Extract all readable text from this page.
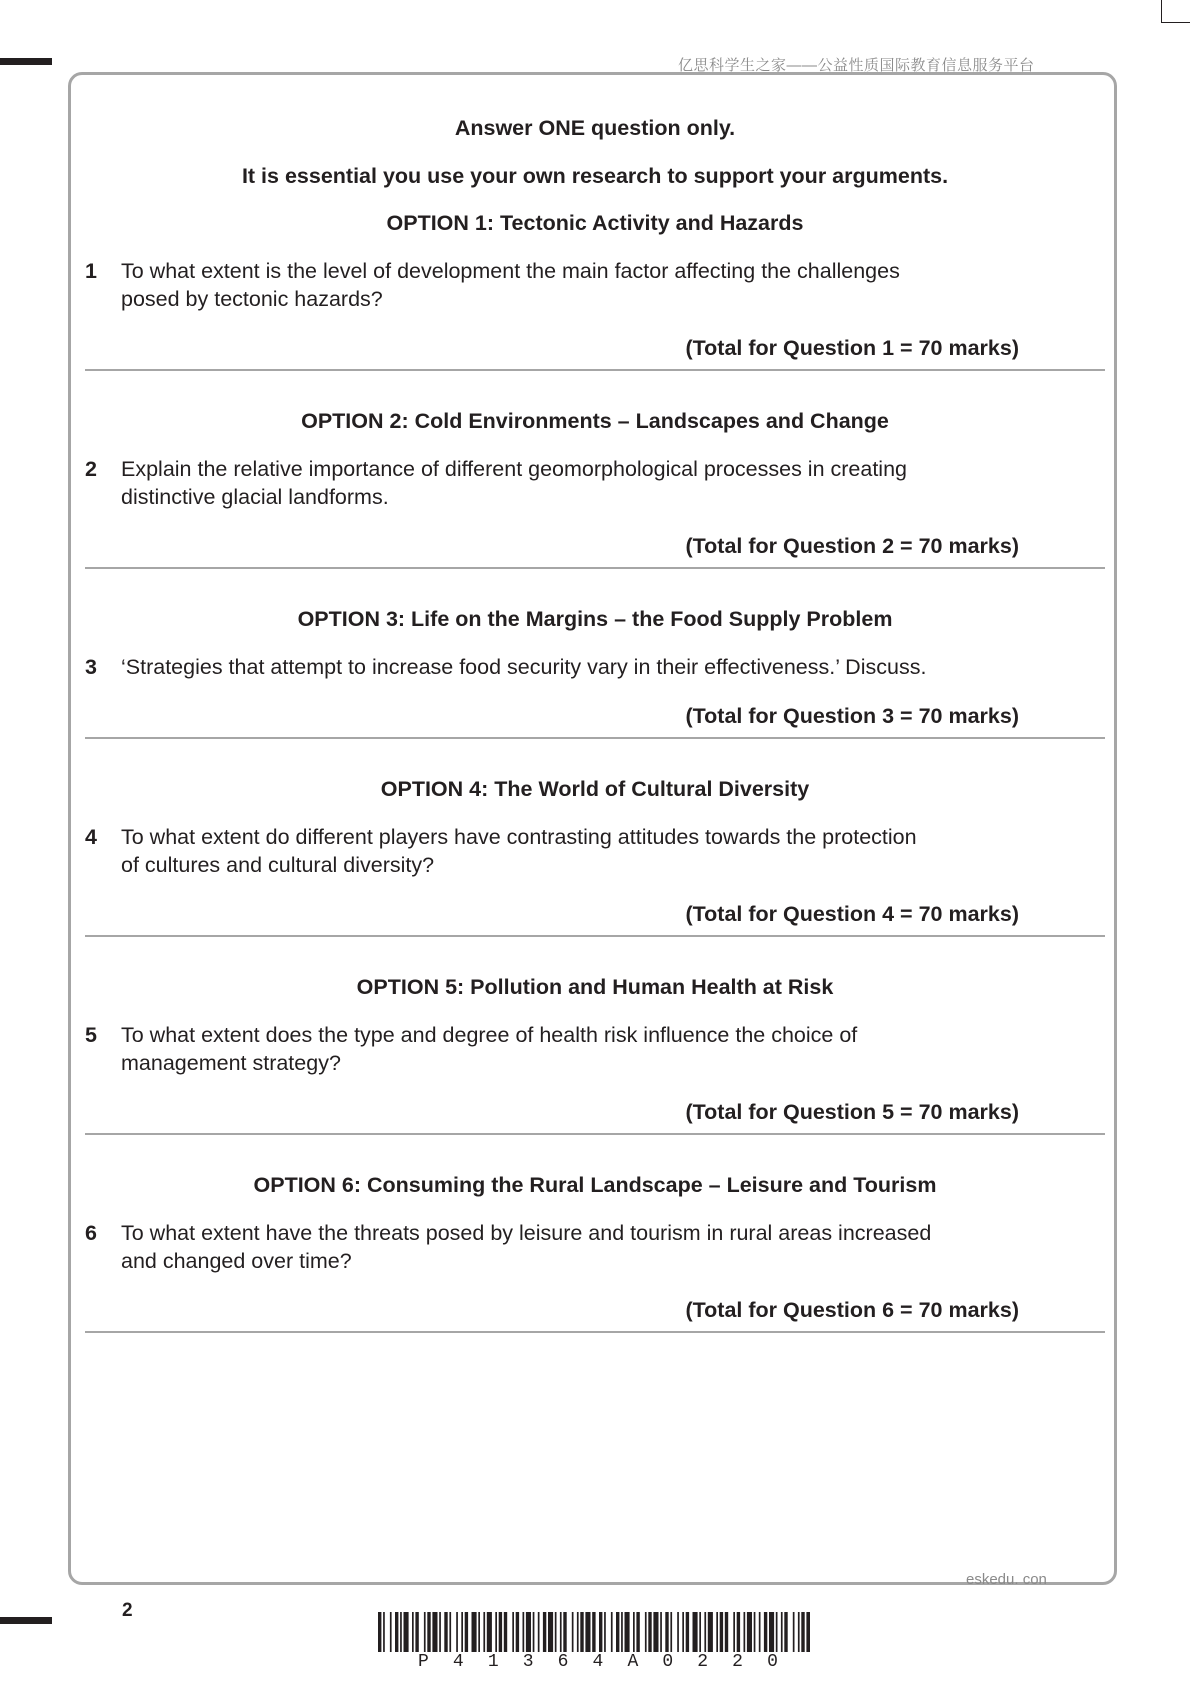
亿思科学生之家——公益性质国际教育信息服务平台
Answer ONE question only.
It is essential you use your own research to support your arguments.
OPTION 1: Tectonic Activity and Hazards
1	To what extent is the level of development the main factor affecting the challenges
posed by tectonic hazards?
(Total for Question 1 = 70 marks)
OPTION 2: Cold Environments – Landscapes and Change
2	Explain the relative importance of different geomorphological processes in creating
distinctive glacial landforms.
(Total for Question 2 = 70 marks)
OPTION 3: Life on the Margins – the Food Supply Problem
3	‘Strategies that attempt to increase food security vary in their effectiveness.’ Discuss.
(Total for Question 3 = 70 marks)
OPTION 4: The World of Cultural Diversity
4	To what extent do different players have contrasting attitudes towards the protection
of cultures and cultural diversity?
(Total for Question 4 = 70 marks)
OPTION 5: Pollution and Human Health at Risk
5	To what extent does the type and degree of health risk influence the choice of
management strategy?
(Total for Question 5 = 70 marks)
OPTION 6: Consuming the Rural Landscape – Leisure and Tourism
6	To what extent have the threats posed by leisure and tourism in rural areas increased
and changed over time?
(Total for Question 6 = 70 marks)
eskedu. con
2
P 4 1 3 6 4 A 0 2 2 0
